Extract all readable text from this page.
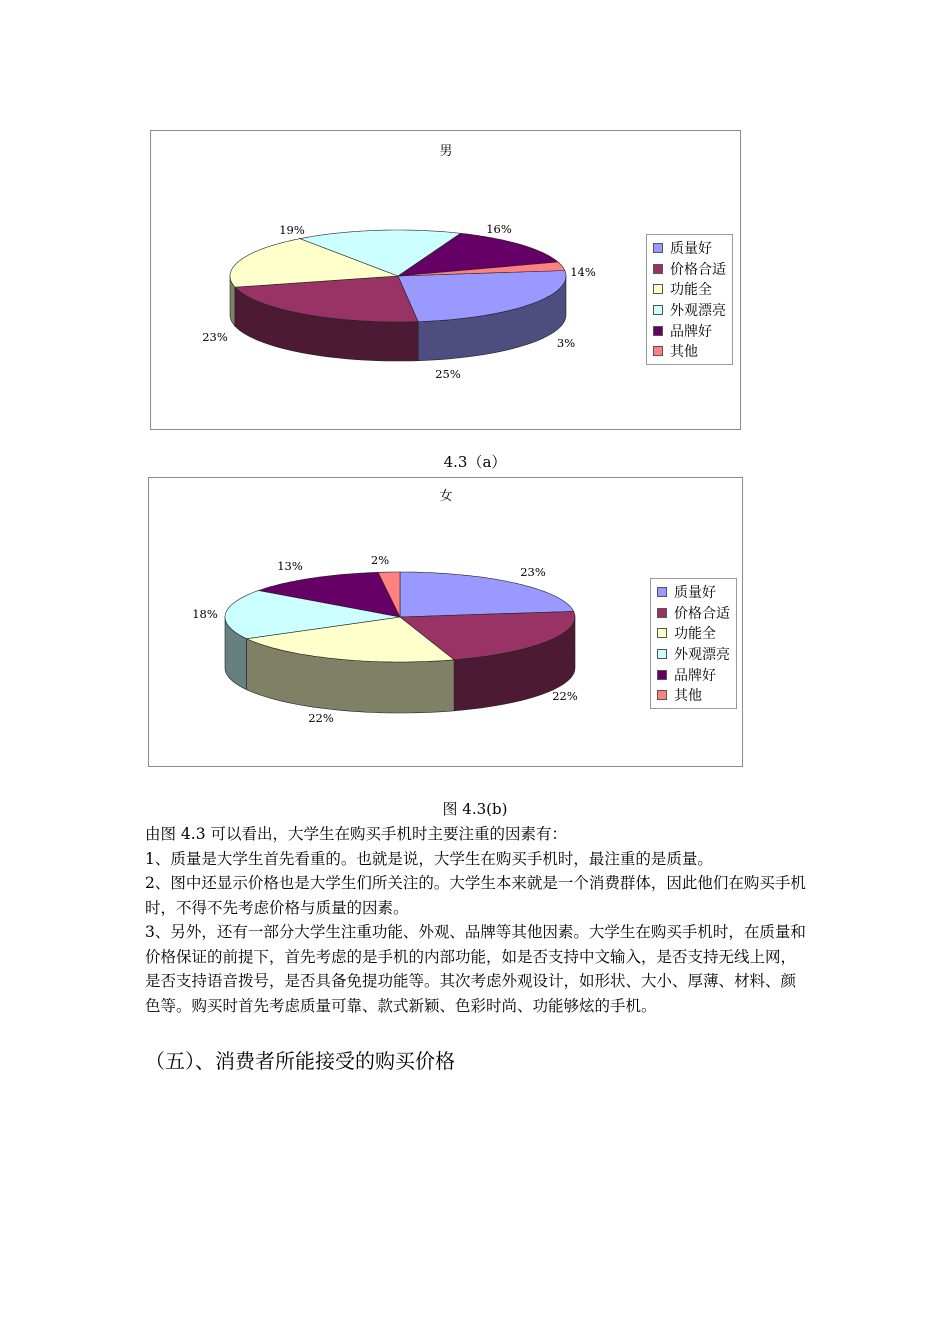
男
25%
23%
19%	16%
14%
3%
质量好
价格合适
功能全
外观漂亮
品牌好
其他
4.3（a）
女
23%
22%
22%
18%
13%	2%
质量好
价格合适
功能全
外观漂亮
品牌好
其他
图 4.3(b)

由图 4.3 可以看出，大学生在购买手机时主要注重的因素有：

1、质量是大学生首先看重的。也就是说，大学生在购买手机时，最注重的是质量。

2、图中还显示价格也是大学生们所关注的。大学生本来就是一个消费群体，因此他们在购买手机时，不得不先考虑价格与质量的因素。

3、另外，还有一部分大学生注重功能、外观、品牌等其他因素。大学生在购买手机时，在质量和价格保证的前提下，首先考虑的是手机的内部功能，如是否支持中文输入，是否支持无线上网，是否支持语音拨号，是否具备免提功能等。其次考虑外观设计，如形状、大小、厚薄、材料、颜色等。购买时首先考虑质量可靠、款式新颖、色彩时尚、功能够炫的手机。

（五）、消费者所能接受的购买价格
